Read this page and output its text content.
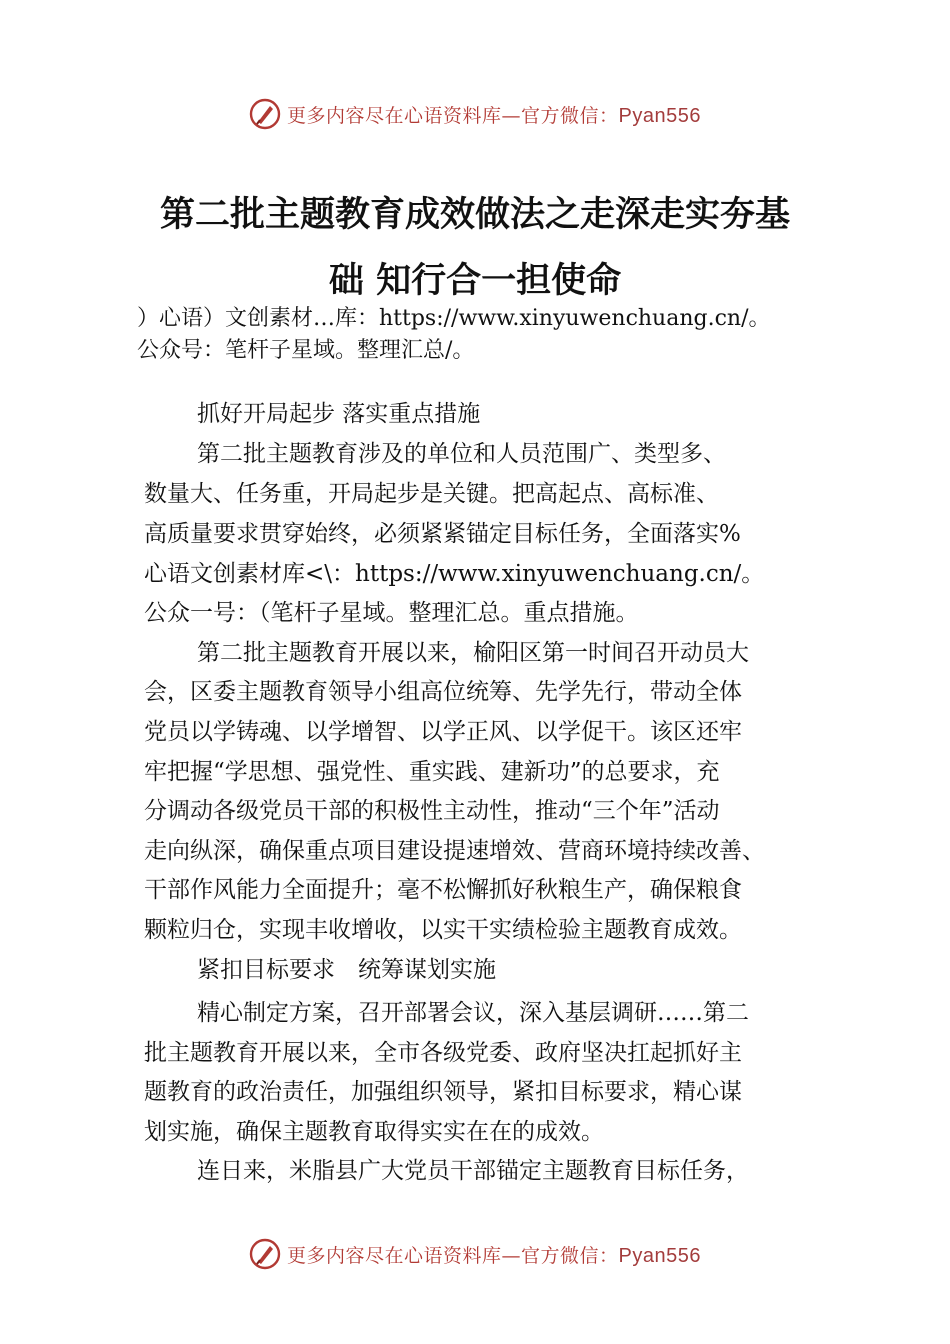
更多内容尽在心语资料库—官方微信：Pyan556
第二批主题教育成效做法之走深走实夯基
础 知行合一担使命
）心语）文创素材…库：https://www.xinyuwenchuang.cn/。
公众号：笔杆子星域。整理汇总/。
抓好开局起步 落实重点措施
第二批主题教育涉及的单位和人员范围广、类型多、
数量大、任务重，开局起步是关键。把高起点、高标准、
高质量要求贯穿始终，必须紧紧锚定目标任务，全面落实%
心语文创素材库<\：https://www.xinyuwenchuang.cn/。
公众一号：（笔杆子星域。整理汇总。重点措施。
第二批主题教育开展以来，榆阳区第一时间召开动员大
会，区委主题教育领导小组高位统筹、先学先行，带动全体
党员以学铸魂、以学增智、以学正风、以学促干。该区还牢
牢把握“学思想、强党性、重实践、建新功”的总要求，充
分调动各级党员干部的积极性主动性，推动“三个年”活动
走向纵深，确保重点项目建设提速增效、营商环境持续改善、
干部作风能力全面提升；毫不松懈抓好秋粮生产，确保粮食
颗粒归仓，实现丰收增收，以实干实绩检验主题教育成效。
紧扣目标要求　统筹谋划实施
精心制定方案，召开部署会议，深入基层调研……第二
批主题教育开展以来，全市各级党委、政府坚决扛起抓好主
题教育的政治责任，加强组织领导，紧扣目标要求，精心谋
划实施，确保主题教育取得实实在在的成效。
连日来，米脂县广大党员干部锚定主题教育目标任务，
更多内容尽在心语资料库—官方微信：Pyan556
